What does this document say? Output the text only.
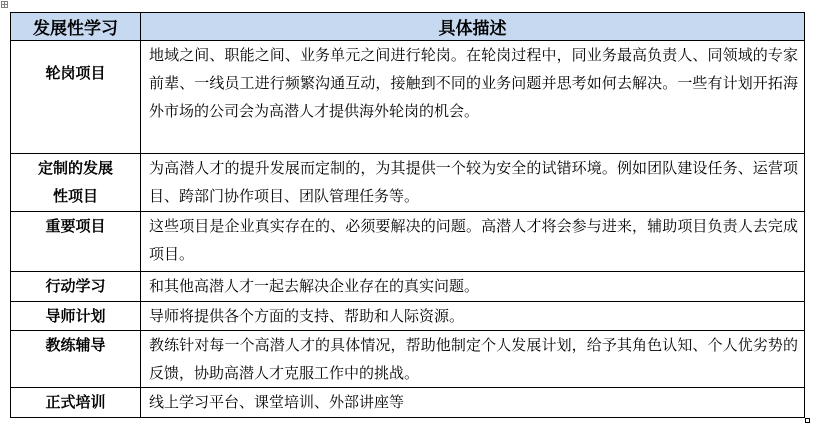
发展性学习	具体描述
轮岗项目	地域之间、职能之间、业务单元之间进行轮岗。在轮岗过程中，同业务最高负责人、同领域的专家前辈、一线员工进行频繁沟通互动，接触到不同的业务问题并思考如何去解决。一些有计划开拓海外市场的公司会为高潜人才提供海外轮岗的机会。
定制的发展性项目	为高潜人才的提升发展而定制的，为其提供一个较为安全的试错环境。例如团队建设任务、运营项目、跨部门协作项目、团队管理任务等。
重要项目	这些项目是企业真实存在的、必须要解决的问题。高潜人才将会参与进来，辅助项目负责人去完成项目。
行动学习	和其他高潜人才一起去解决企业存在的真实问题。
导师计划	导师将提供各个方面的支持、帮助和人际资源。
教练辅导	教练针对每一个高潜人才的具体情况，帮助他制定个人发展计划，给予其角色认知、个人优劣势的反馈，协助高潜人才克服工作中的挑战。
正式培训	线上学习平台、课堂培训、外部讲座等
